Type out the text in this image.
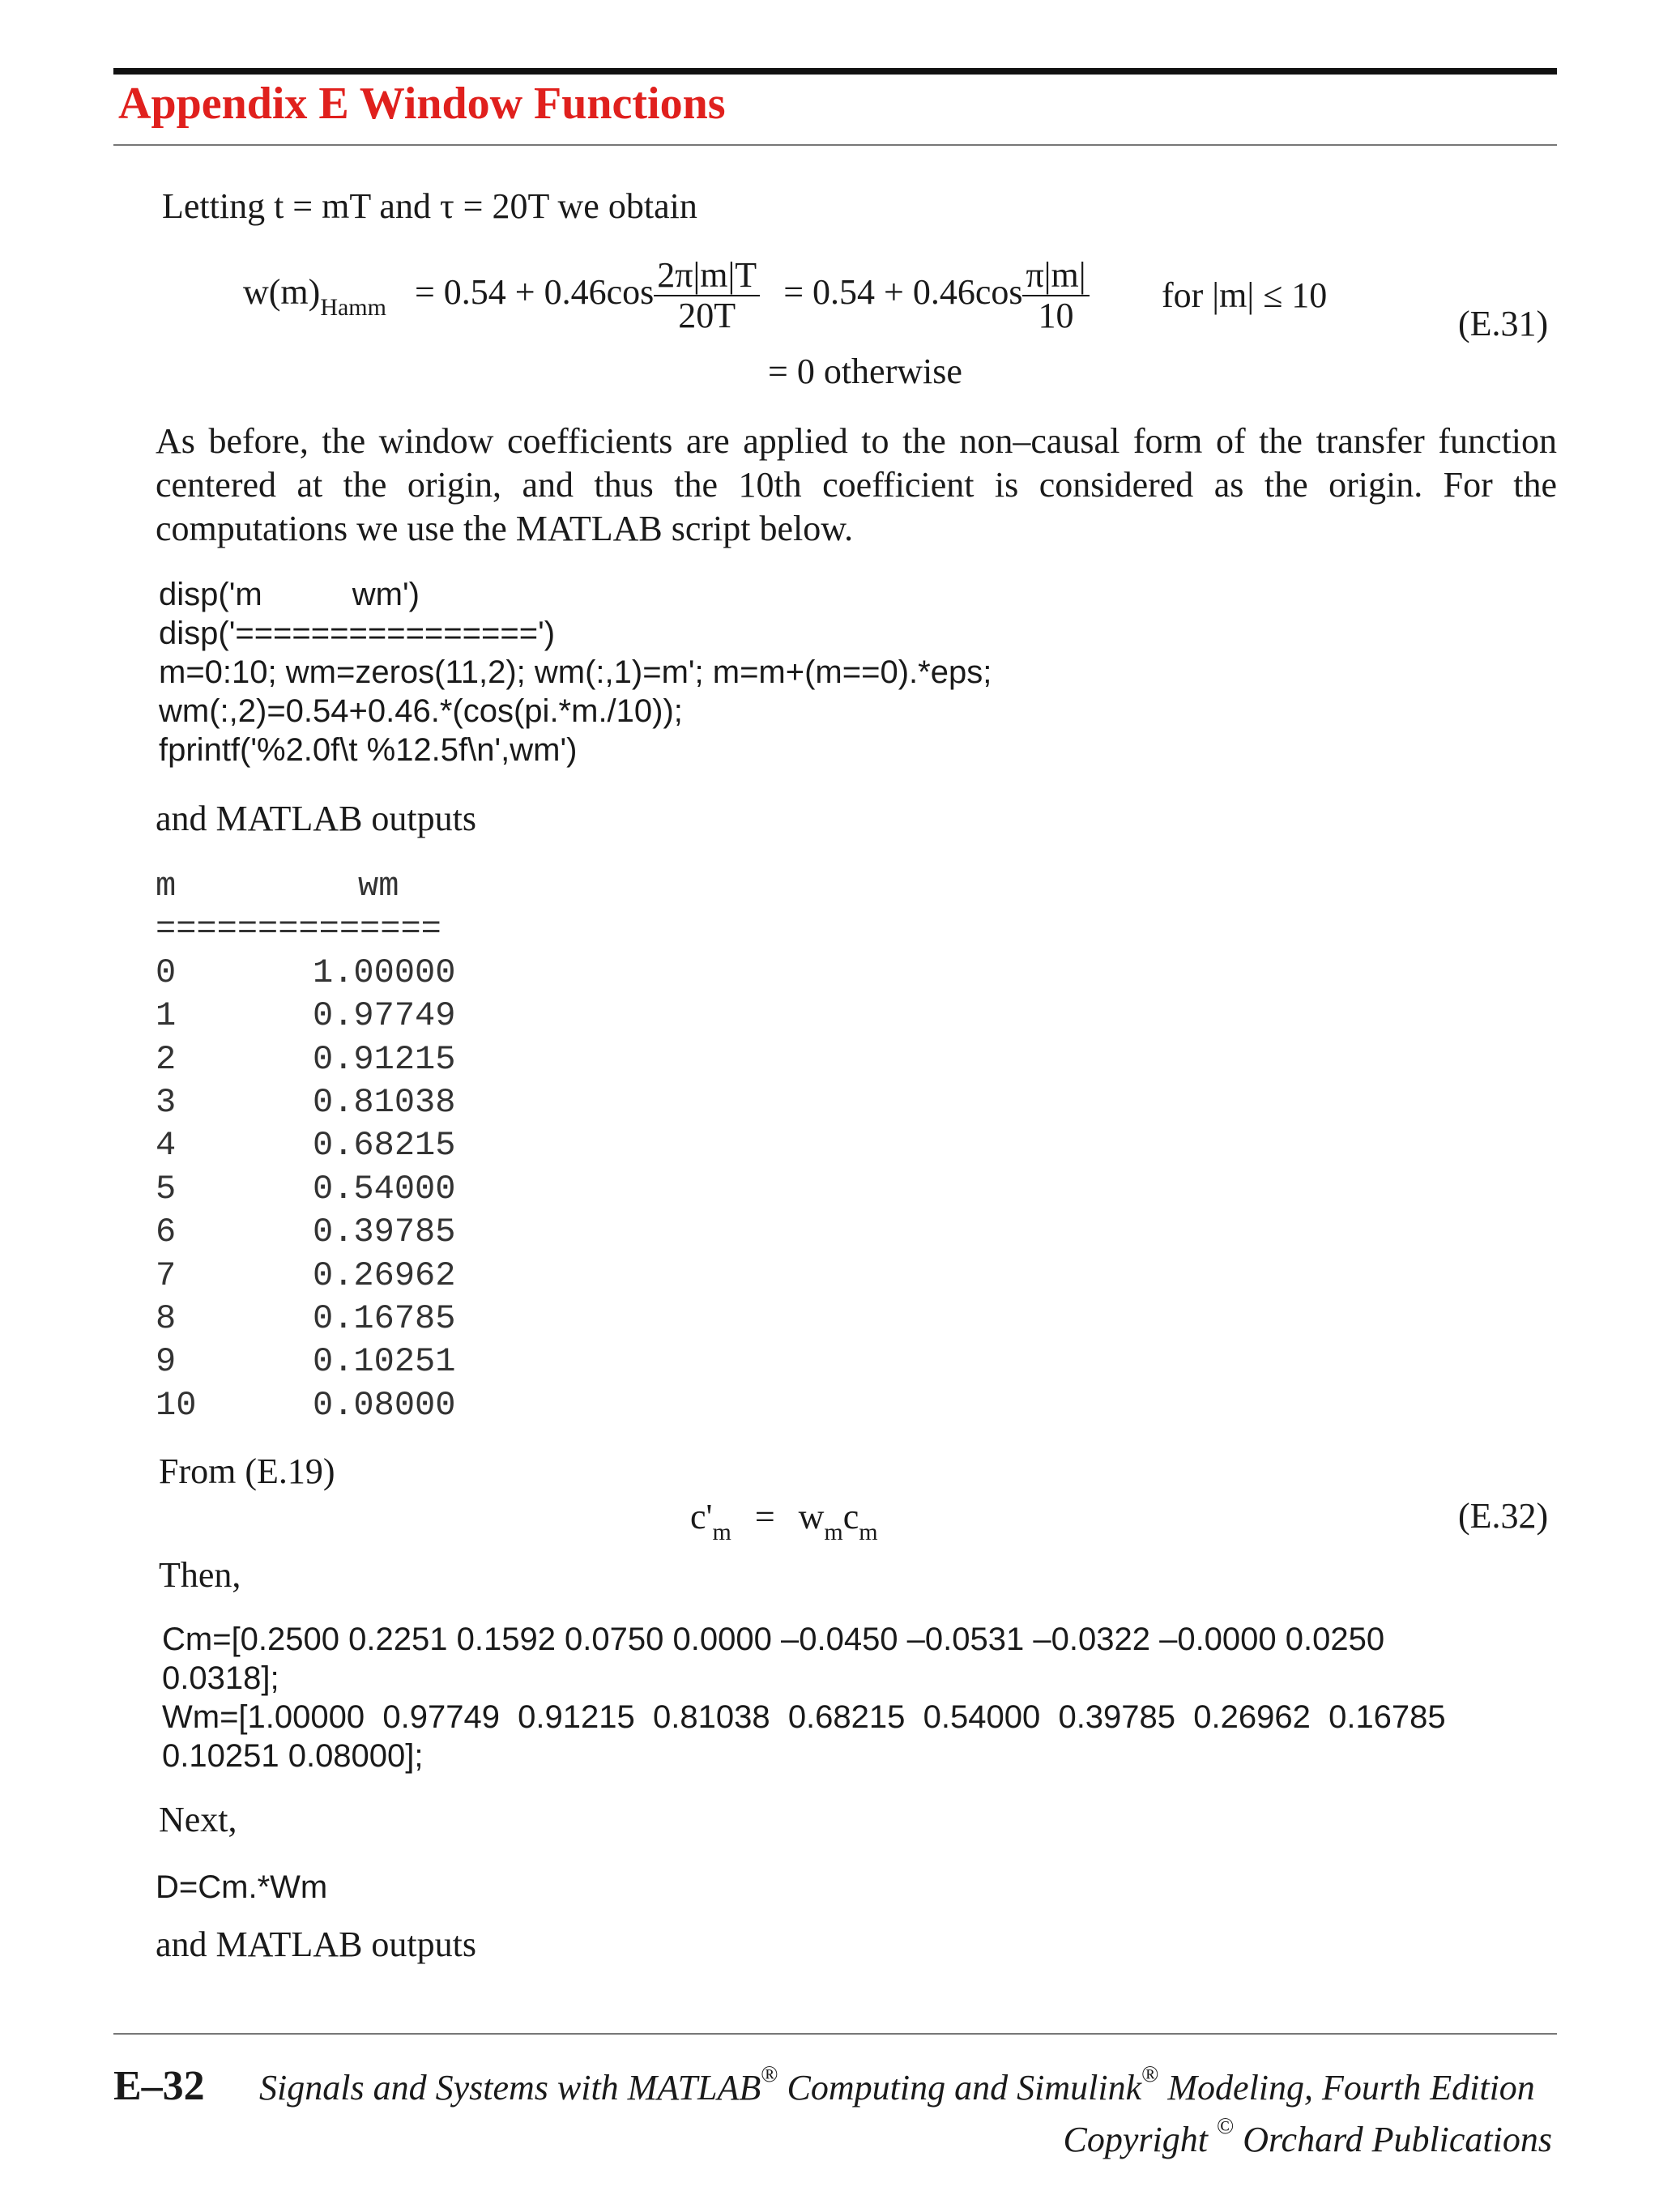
Appendix E Window Functions
Letting t = mT and τ = 20T we obtain
$w(m)_{Hamm} = 0.54 + 0.46\cos \frac{2\pi|m|T}{20T} = 0.54 + 0.46\cos \frac{\pi|m|}{10}$ for |m| ≤ 10
(E.31)
= 0 otherwise
As before, the window coefficients are applied to the non–causal form of the transfer function centered at the origin, and thus the 10th coefficient is considered as the origin. For the computations we use the MATLAB script below.
disp('m          wm')
disp('================')
m=0:10; wm=zeros(11,2); wm(:,1)=m'; m=m+(m==0).*eps;
wm(:,2)=0.54+0.46.*(cos(pi.*m./10));
fprintf('%2.0f\t %12.5f\n',wm')
and MATLAB outputs
m	wm
==============
0	1.00000
1	0.97749
2	0.91215
3	0.81038
4	0.68215
5	0.54000
6	0.39785
7	0.26962
8	0.16785
9	0.10251
10	0.08000
From (E.19)
$c'_m = w_mc_m$	(E.32)
Then,
Cm=[0.2500 0.2251 0.1592 0.0750 0.0000 –0.0450 –0.0531 –0.0322 –0.0000 0.0250
0.0318];
Wm=[1.00000  0.97749  0.91215  0.81038  0.68215  0.54000  0.39785  0.26962  0.16785
0.10251 0.08000];
Next,
D=Cm.*Wm
and MATLAB outputs
E–32 Signals and Systems with MATLAB® Computing and Simulink® Modeling, Fourth Edition
Copyright © Orchard Publications
